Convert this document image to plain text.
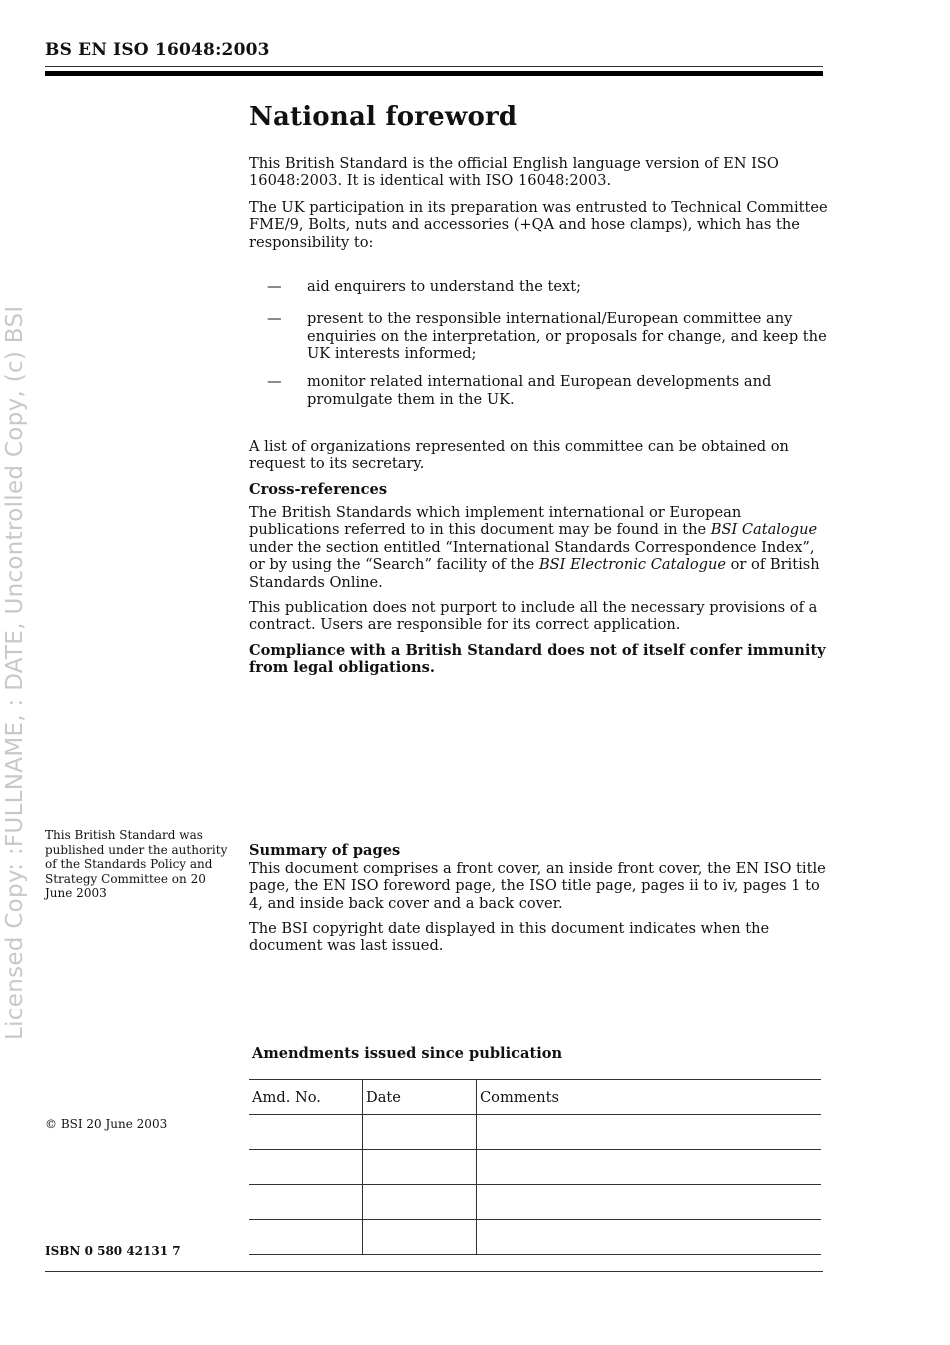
BS EN ISO 16048:2003
Licensed Copy: :FULLNAME, : DATE, Uncontrolled Copy, (c) BSI
National foreword

This British Standard is the official English language version of EN ISO 16048:2003. It is identical with ISO 16048:2003.

The UK participation in its preparation was entrusted to Technical Committee FME/9, Bolts, nuts and accessories (+QA and hose clamps), which has the responsibility to:

— aid enquirers to understand the text;
— present to the responsible international/European committee any enquiries on the interpretation, or proposals for change, and keep the UK interests informed;
— monitor related international and European developments and promulgate them in the UK.

A list of organizations represented on this committee can be obtained on request to its secretary.

Cross-references

The British Standards which implement international or European publications referred to in this document may be found in the BSI Catalogue under the section entitled “International Standards Correspondence Index”, or by using the “Search” facility of the BSI Electronic Catalogue or of British Standards Online.

This publication does not purport to include all the necessary provisions of a contract. Users are responsible for its correct application.

Compliance with a British Standard does not of itself confer immunity from legal obligations.

This British Standard was published under the authority of the Standards Policy and Strategy Committee on 20 June 2003

Summary of pages

This document comprises a front cover, an inside front cover, the EN ISO title page, the EN ISO foreword page, the ISO title page, pages ii to iv, pages 1 to 4, and inside back cover and a back cover.

The BSI copyright date displayed in this document indicates when the document was last issued.

Amendments issued since publication
Amd. No.	Date	Comments

© BSI 20 June 2003
ISBN 0 580 42131 7
